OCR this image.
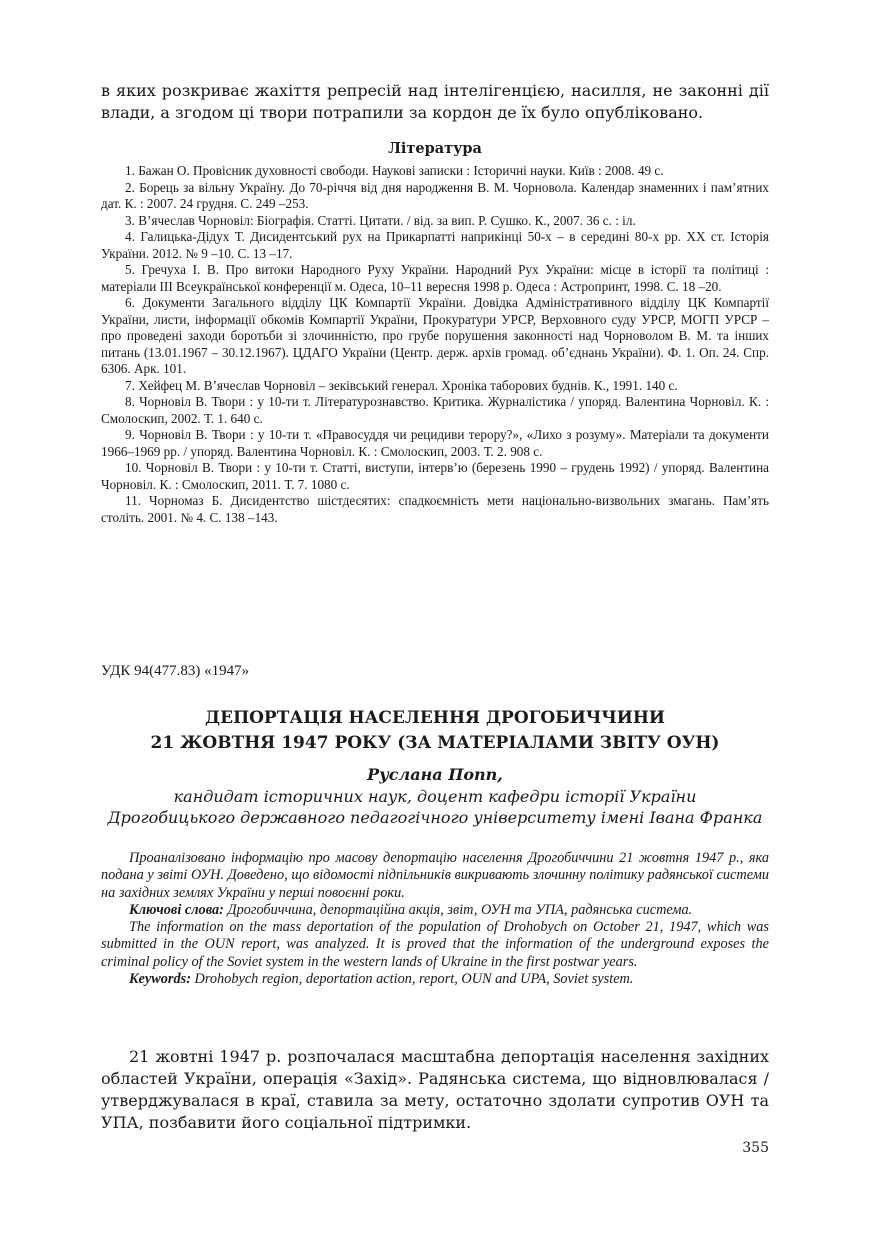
в яких розкриває жахіття репресій над інтелігенцією, насилля, не законні дії влади, а згодом ці твори потрапили за кордон де їх було опубліковано.
Література

1. Бажан О. Провісник духовності свободи. Наукові записки : Історичні науки. Київ : 2008. 49 с.

2. Борець за вільну Україну. До 70-річчя від дня народження В. М. Чорновола. Календар знаменних і пам’ятних дат. К. : 2007. 24 грудня. С. 249 –253.

3. В’ячеслав Чорновіл: Біографія. Статті. Цитати. / від. за вип. Р. Сушко. К., 2007. 36 с. : іл.

4. Галицька-Дідух Т. Дисидентський рух на Прикарпатті наприкінці 50-х – в середині 80-х рр. ХХ ст. Історія України. 2012. № 9 –10. С. 13 –17.

5. Гречуха І. В. Про витоки Народного Руху України. Народний Рух України: місце в історії та політиці : матеріали ІІІ Всеукраїнської конференції м. Одеса, 10–11 вересня 1998 р. Одеса : Астропринт, 1998. С. 18 –20.

6. Документи Загального відділу ЦК Компартії України. Довідка Адміністративного відділу ЦК Компартії України, листи, інформації обкомів Компартії України, Прокуратури УРСР, Верховного суду УРСР, МОГП УРСР – про проведені заходи боротьби зі злочинністю, про грубе порушення законності над Чорноволом В. М. та інших питань (13.01.1967 – 30.12.1967). ЦДАГО України (Центр. держ. архів громад. об’єднань України). Ф. 1. Оп. 24. Спр. 6306. Арк. 101.

7. Хейфец М. В’ячеслав Чорновіл – зеківський генерал. Хроніка таборових буднів. К., 1991. 140 с.

8. Чорновіл В. Твори : у 10-ти т. Літературознавство. Критика. Журналістика / упоряд. Валентина Чорновіл. К. : Смолоскип, 2002. Т. 1. 640 с.

9. Чорновіл В. Твори : у 10-ти т. «Правосуддя чи рецидиви терору?», «Лихо з розуму». Матеріали та документи 1966–1969 рр. / упоряд. Валентина Чорновіл. К. : Смолоскип, 2003. Т. 2. 908 с.

10. Чорновіл В. Твори : у 10-ти т. Статті, виступи, інтерв’ю (березень 1990 – грудень 1992) / упоряд. Валентина Чорновіл. К. : Смолоскип, 2011. Т. 7. 1080 с.

11. Чорномаз Б. Дисидентство шістдесятих: спадкоємність мети національно-визвольних змагань. Пам’ять століть. 2001. № 4. С. 138 –143.

УДК 94(477.83) «1947»
ДЕПОРТАЦІЯ НАСЕЛЕННЯ ДРОГОБИЧЧИНИ
21 ЖОВТНЯ 1947 РОКУ (ЗА МАТЕРІАЛАМИ ЗВІТУ ОУН)
Руслана Попп,
кандидат історичних наук, доцент кафедри історії України
Дрогобицького державного педагогічного університету імені Івана Франка

Проаналізовано інформацію про масову депортацію населення Дрогобиччини 21 жовтня 1947 р., яка подана у звіті ОУН. Доведено, що відомості підпільників викривають злочинну політику радянської системи на західних землях України у перші повоєнні роки.

Ключові слова: Дрогобиччина, депортаційна акція, звіт, ОУН та УПА, радянська система.

The information on the mass deportation of the population of Drohobych on October 21, 1947, which was submitted in the OUN report, was analyzed. It is proved that the information of the underground exposes the criminal policy of the Soviet system in the western lands of Ukraine in the first postwar years.

Keywords: Drohobych region, deportation action, report, OUN and UPA, Soviet system.

21 жовтні 1947 р. розпочалася масштабна депортація населення західних областей України, операція «Захід». Радянська система, що відновлювалася / утверджувалася в краї, ставила за мету, остаточно здолати супротив ОУН та УПА, позбавити його соціальної підтримки.

355
